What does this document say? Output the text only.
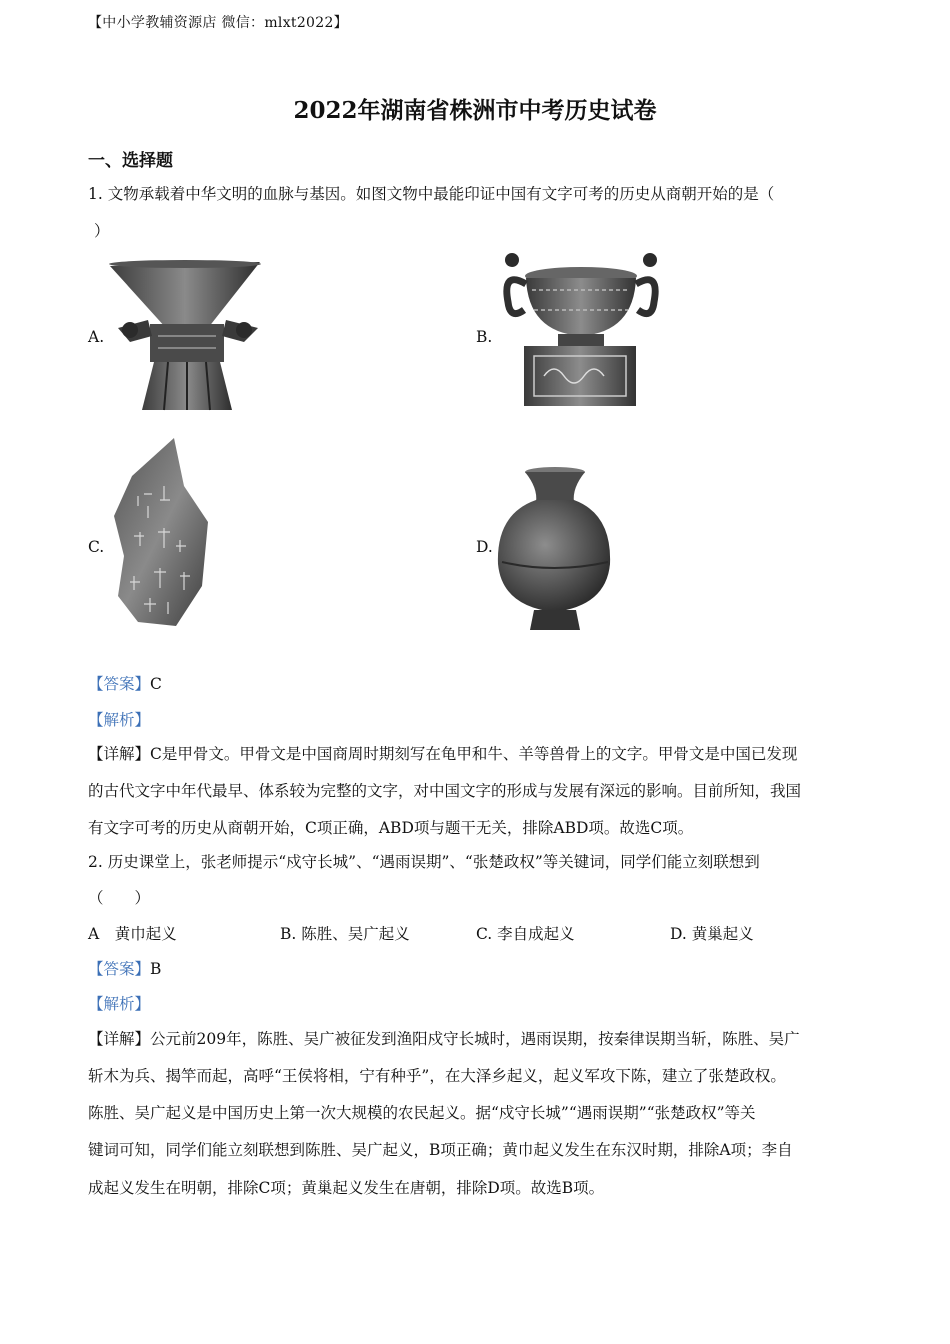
【中小学教辅资源店 微信：mlxt2022】
2022年湖南省株洲市中考历史试卷
一、选择题
1. 文物承载着中华文明的血脉与基因。如图文物中最能印证中国有文字可考的历史从商朝开始的是（
）
A.	B.
C.	D.
【答案】C
【解析】
【详解】C是甲骨文。甲骨文是中国商周时期刻写在龟甲和牛、羊等兽骨上的文字。甲骨文是中国已发现
的古代文字中年代最早、体系较为完整的文字，对中国文字的形成与发展有深远的影响。目前所知，我国
有文字可考的历史从商朝开始，C项正确，ABD项与题干无关，排除ABD项。故选C项。
2. 历史课堂上，张老师提示“戍守长城”、“遇雨误期”、“张楚政权”等关键词，同学们能立刻联想到
（　　）
A　黄巾起义	B. 陈胜、吴广起义	C. 李自成起义	D. 黄巢起义
【答案】B
【解析】
【详解】公元前209年，陈胜、吴广被征发到渔阳戍守长城时，遇雨误期，按秦律误期当斩，陈胜、吴广
斩木为兵、揭竿而起，高呼“王侯将相，宁有种乎”，在大泽乡起义，起义军攻下陈，建立了张楚政权。
陈胜、吴广起义是中国历史上第一次大规模的农民起义。据“戍守长城”“遇雨误期”“张楚政权”等关
键词可知，同学们能立刻联想到陈胜、吴广起义，B项正确；黄巾起义发生在东汉时期，排除A项；李自
成起义发生在明朝，排除C项；黄巢起义发生在唐朝，排除D项。故选B项。
